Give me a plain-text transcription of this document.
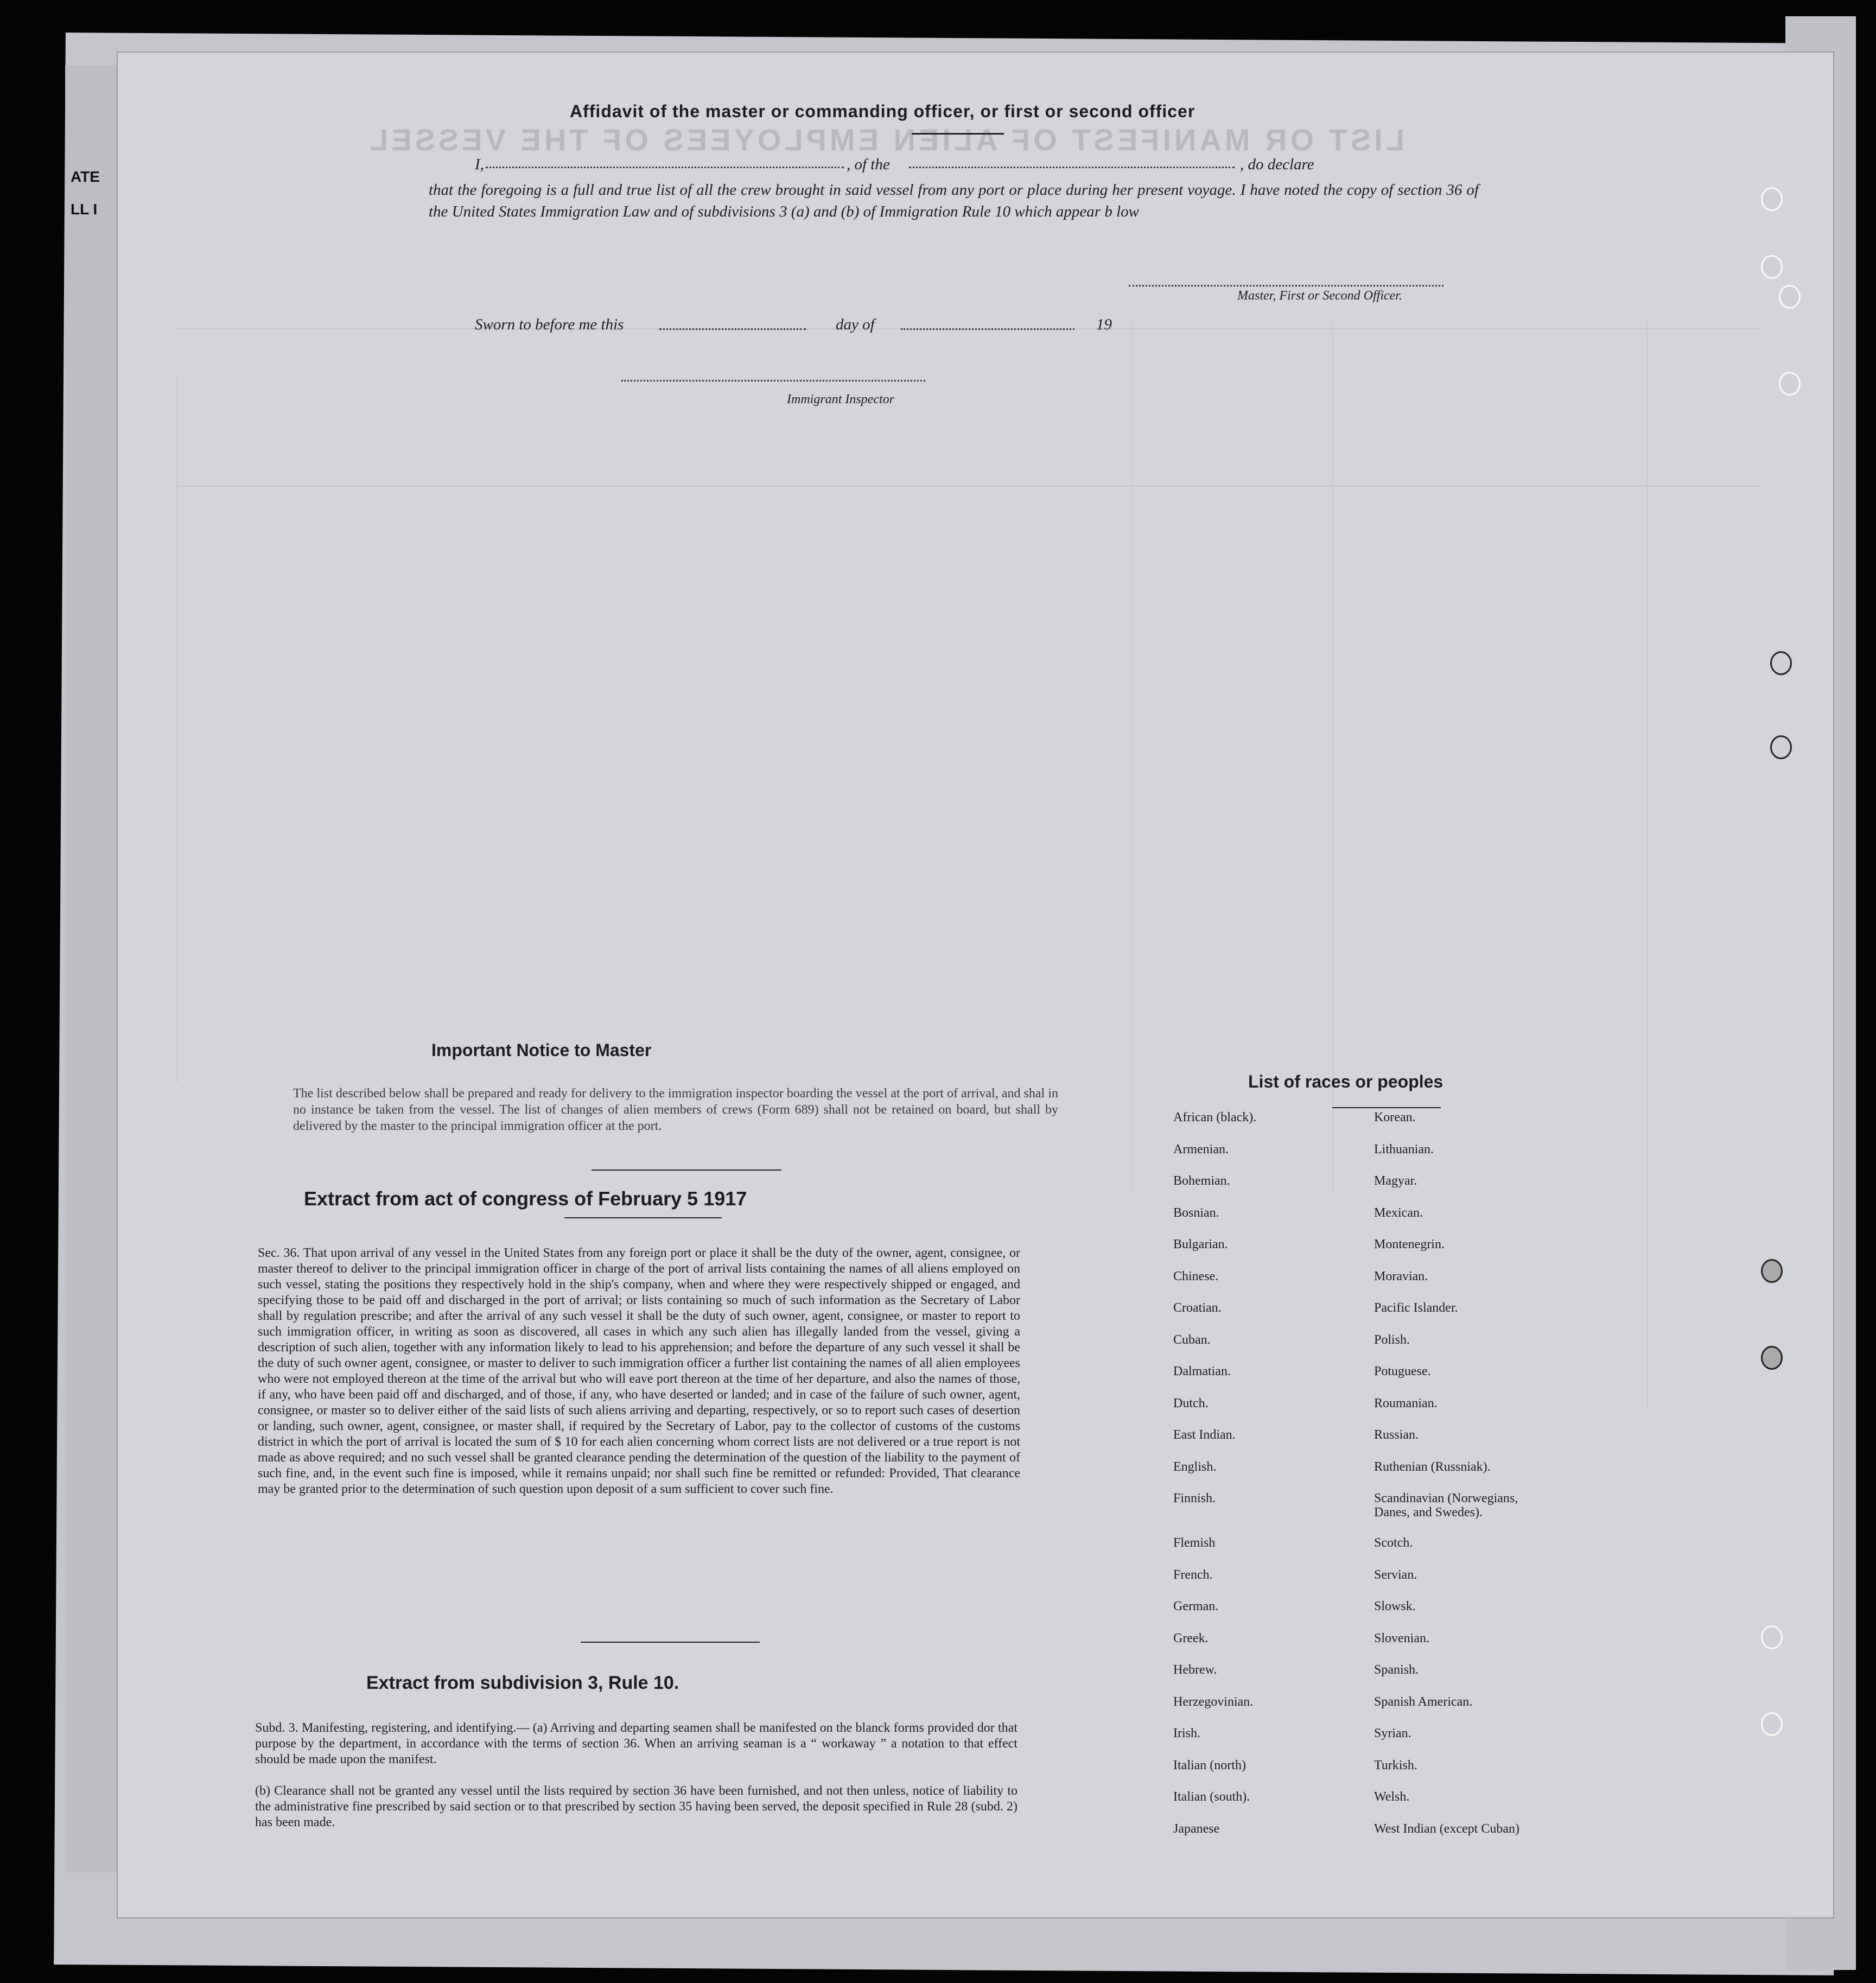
ATE
LL I
LIST OR MANIFEST OF ALIEN EMPLOYEES OF THE VESSEL
Affidavit of the master or commanding officer, or first or second officer
I,	, of the	, do declare
that the foregoing is a full and true list of all the crew brought in said vessel from any port or place during her present voyage. I have noted the copy of section 36 of the United States Immigration Law and of subdivisions 3 (a) and (b) of Immigration Rule 10 which appear b low
Master, First or Second Officer.
Sworn to before me this	day of	19
Immigrant Inspector
Important Notice to Master
The list described below shall be prepared and ready for delivery to the immigration inspector boarding the vessel at the port of arrival, and shal in no instance be taken from the vessel. The list of changes of alien members of crews (Form 689) shall not be retained on board, but shall by delivered by the master to the principal immigration officer at the port.
Extract from act of congress of February 5 1917
Sec. 36. That upon arrival of any vessel in the United States from any foreign port or place it shall be the duty of the owner, agent, consignee, or master thereof to deliver to the principal immigration officer in charge of the port of arrival lists containing the names of all aliens employed on such vessel, stating the positions they respectively hold in the ship's company, when and where they were respectively shipped or engaged, and specifying those to be paid off and discharged in the port of arrival; or lists containing so much of such information as the Secretary of Labor shall by regulation prescribe; and after the arrival of any such vessel it shall be the duty of such owner, agent, consignee, or master to report to such immigration officer, in writing as soon as discovered, all cases in which any such alien has illegally landed from the vessel, giving a description of such alien, together with any information likely to lead to his apprehension; and before the departure of any such vessel it shall be the duty of such owner agent, consignee, or master to deliver to such immigration officer a further list containing the names of all alien employees who were not employed thereon at the time of the arrival but who will eave port thereon at the time of her departure, and also the names of those, if any, who have been paid off and discharged, and of those, if any, who have deserted or landed; and in case of the failure of such owner, agent, consignee, or master so to deliver either of the said lists of such aliens arriving and departing, respectively, or so to report such cases of desertion or landing, such owner, agent, consignee, or master shall, if required by the Secretary of Labor, pay to the collector of customs of the customs district in which the port of arrival is located the sum of $ 10 for each alien concerning whom correct lists are not delivered or a true report is not made as above required; and no such vessel shall be granted clearance pending the determination of the question of the liability to the payment of such fine, and, in the event such fine is imposed, while it remains unpaid; nor shall such fine be remitted or refunded: Provided, That clearance may be granted prior to the determination of such question upon deposit of a sum sufficient to cover such fine.
Extract from subdivision 3, Rule 10.
Subd. 3. Manifesting, registering, and identifying.— (a) Arriving and departing seamen shall be manifested on the blanck forms provided dor that purpose by the department, in accordance with the terms of section 36. When an arriving seaman is a “ workaway ” a notation to that effect should be made upon the manifest.
(b) Clearance shall not be granted any vessel until the lists required by section 36 have been furnished, and not then unless, notice of liability to the administrative fine prescribed by said section or to that prescribed by section 35 having been served, the deposit specified in Rule 28 (subd. 2) has been made.
List of races or peoples
African (black).
Armenian.
Bohemian.
Bosnian.
Bulgarian.
Chinese.
Croatian.
Cuban.
Dalmatian.
Dutch.
East Indian.
English.
Finnish.
Flemish
French.
German.
Greek.
Hebrew.
Herzegovinian.
Irish.
Italian (north)
Italian (south).
Japanese
Korean.
Lithuanian.
Magyar.
Mexican.
Montenegrin.
Moravian.
Pacific Islander.
Polish.
Potuguese.
Roumanian.
Russian.
Ruthenian (Russniak).
Scandinavian (Norwegians, Danes, and Swedes).
Scotch.
Servian.
Slowsk.
Slovenian.
Spanish.
Spanish American.
Syrian.
Turkish.
Welsh.
West Indian (except Cuban)
